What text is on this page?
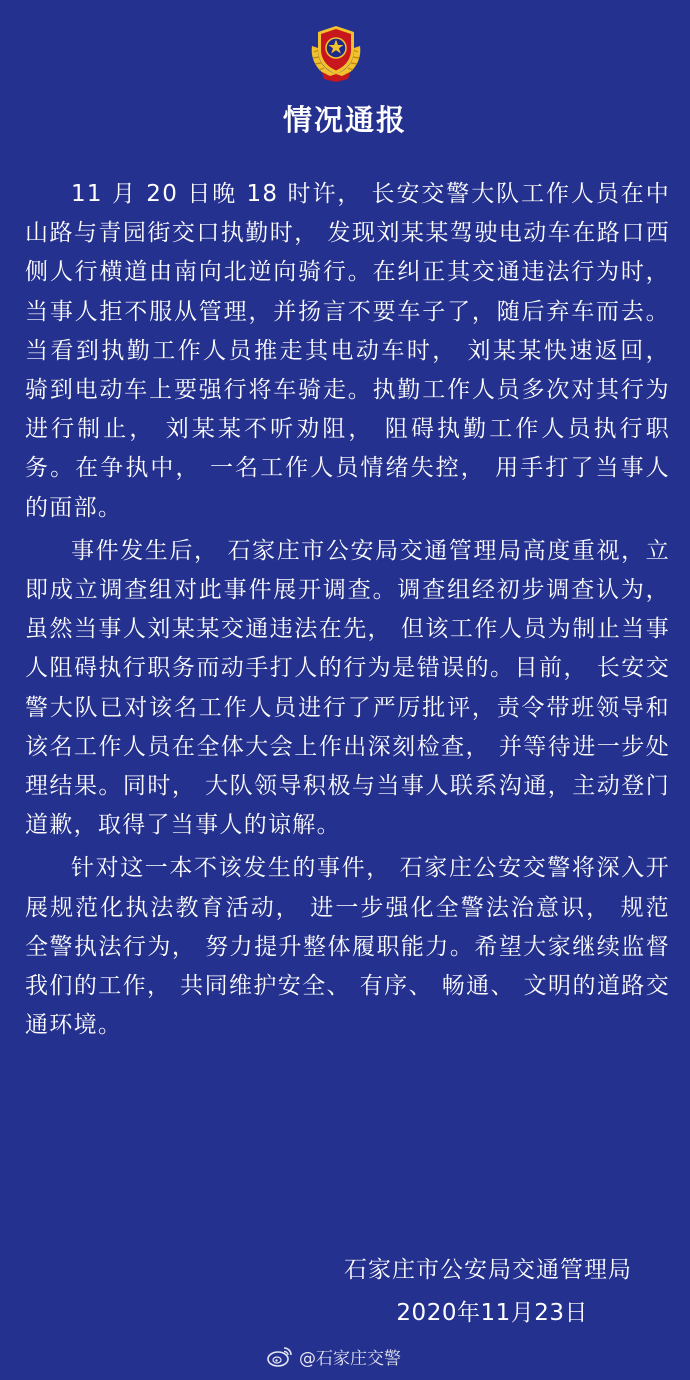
情况通报

11 月 20 日晚 18 时许， 长安交警大队工作人员在中山路与青园街交口执勤时， 发现刘某某驾驶电动车在路口西侧人行横道由南向北逆向骑行。在纠正其交通违法行为时，当事人拒不服从管理，并扬言不要车子了，随后弃车而去。当看到执勤工作人员推走其电动车时， 刘某某快速返回， 骑到电动车上要强行将车骑走。执勤工作人员多次对其行为进行制止， 刘某某不听劝阻， 阻碍执勤工作人员执行职务。在争执中， 一名工作人员情绪失控， 用手打了当事人的面部。

事件发生后， 石家庄市公安局交通管理局高度重视，立即成立调查组对此事件展开调查。调查组经初步调查认为， 虽然当事人刘某某交通违法在先， 但该工作人员为制止当事人阻碍执行职务而动手打人的行为是错误的。目前， 长安交警大队已对该名工作人员进行了严厉批评，责令带班领导和该名工作人员在全体大会上作出深刻检查， 并等待进一步处理结果。同时， 大队领导积极与当事人联系沟通，主动登门道歉，取得了当事人的谅解。

针对这一本不该发生的事件， 石家庄公安交警将深入开展规范化执法教育活动， 进一步强化全警法治意识， 规范全警执法行为， 努力提升整体履职能力。希望大家继续监督我们的工作， 共同维护安全、 有序、 畅通、 文明的道路交通环境。

石家庄市公安局交通管理局
2020年11月23日
@石家庄交警
